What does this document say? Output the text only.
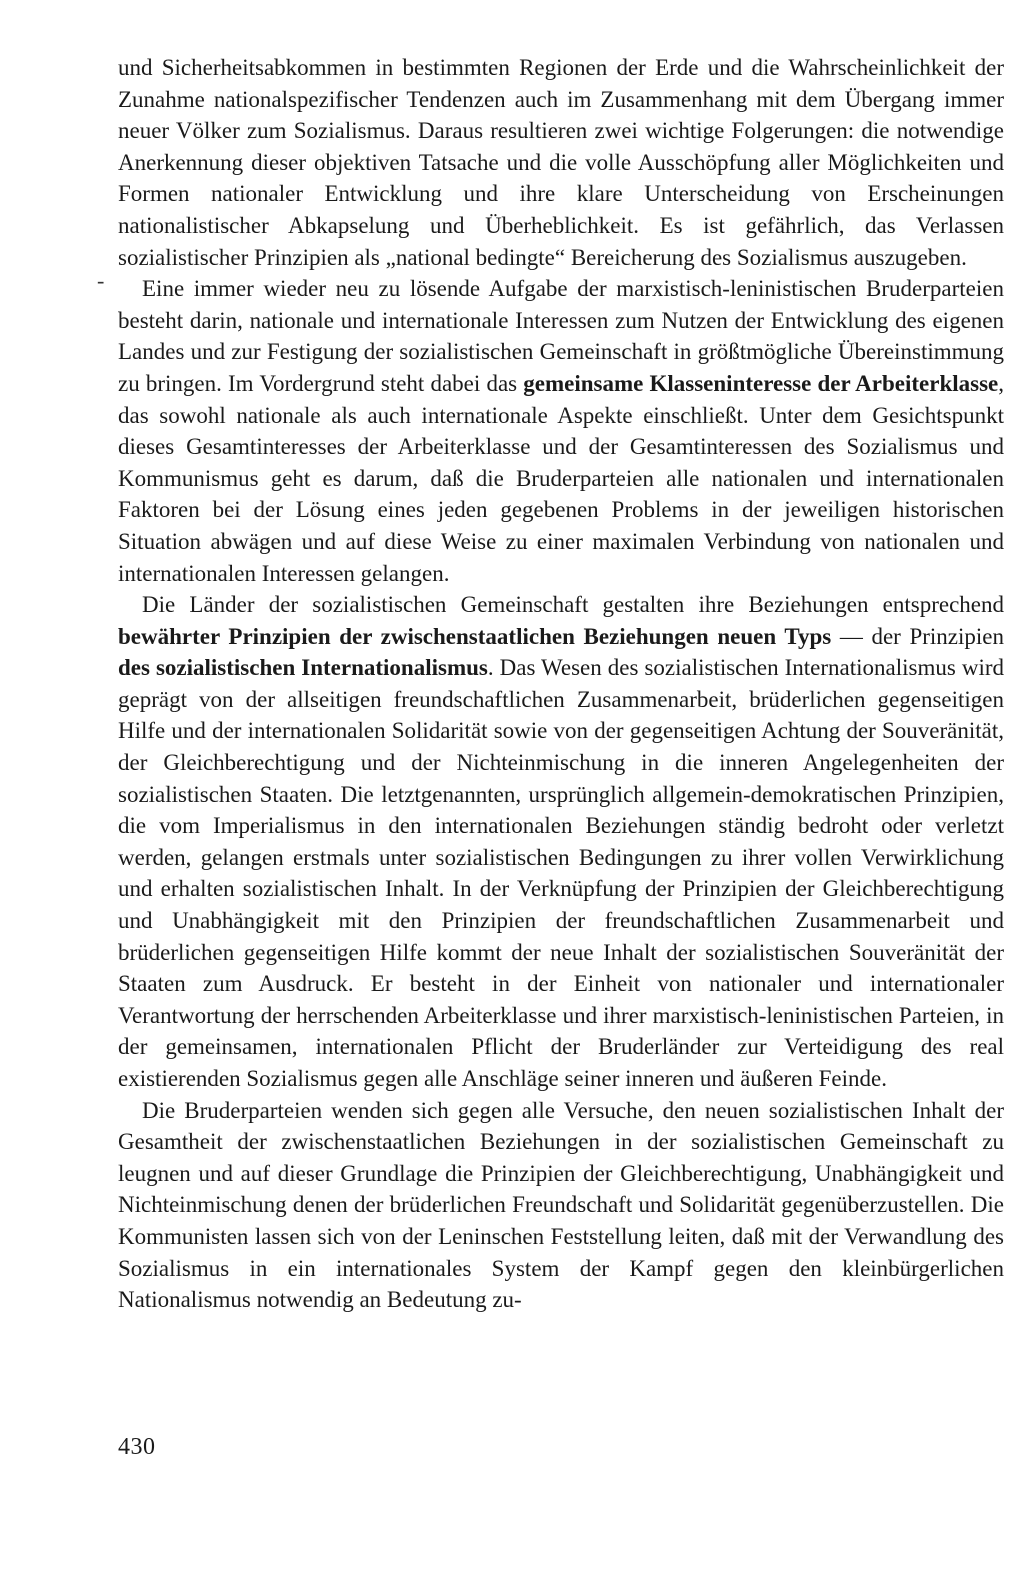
und Sicherheitsabkommen in bestimmten Regionen der Erde und die Wahrscheinlichkeit der Zunahme nationalspezifischer Tendenzen auch im Zusammenhang mit dem Übergang immer neuer Völker zum Sozialismus. Daraus resultieren zwei wichtige Folgerungen: die notwendige Anerkennung dieser objektiven Tatsache und die volle Ausschöpfung aller Möglichkeiten und Formen nationaler Entwicklung und ihre klare Unterscheidung von Erscheinungen nationalistischer Abkapselung und Überheblichkeit. Es ist gefährlich, das Verlassen sozialistischer Prinzipien als „national bedingte“ Bereicherung des Sozialismus auszugeben.

Eine immer wieder neu zu lösende Aufgabe der marxistisch-leninistischen Bruderparteien besteht darin, nationale und internationale Interessen zum Nutzen der Entwicklung des eigenen Landes und zur Festigung der sozialistischen Gemeinschaft in größtmögliche Übereinstimmung zu bringen. Im Vordergrund steht dabei das gemeinsame Klasseninteresse der Arbeiterklasse, das sowohl nationale als auch internationale Aspekte einschließt. Unter dem Gesichtspunkt dieses Gesamtinteresses der Arbeiterklasse und der Gesamtinteressen des Sozialismus und Kommunismus geht es darum, daß die Bruderparteien alle nationalen und internationalen Faktoren bei der Lösung eines jeden gegebenen Problems in der jeweiligen historischen Situation abwägen und auf diese Weise zu einer maximalen Verbindung von nationalen und internationalen Interessen gelangen.

Die Länder der sozialistischen Gemeinschaft gestalten ihre Beziehungen entsprechend bewährter Prinzipien der zwischenstaatlichen Beziehungen neuen Typs — der Prinzipien des sozialistischen Internationalismus. Das Wesen des sozialistischen Internationalismus wird geprägt von der allseitigen freundschaftlichen Zusammenarbeit, brüderlichen gegenseitigen Hilfe und der internationalen Solidarität sowie von der gegenseitigen Achtung der Souveränität, der Gleichberechtigung und der Nichteinmischung in die inneren Angelegenheiten der sozialistischen Staaten. Die letztgenannten, ursprünglich allgemein-demokratischen Prinzipien, die vom Imperialismus in den internationalen Beziehungen ständig bedroht oder verletzt werden, gelangen erstmals unter sozialistischen Bedingungen zu ihrer vollen Verwirklichung und erhalten sozialistischen Inhalt. In der Verknüpfung der Prinzipien der Gleichberechtigung und Unabhängigkeit mit den Prinzipien der freundschaftlichen Zusammenarbeit und brüderlichen gegenseitigen Hilfe kommt der neue Inhalt der sozialistischen Souveränität der Staaten zum Ausdruck. Er besteht in der Einheit von nationaler und internationaler Verantwortung der herrschenden Arbeiterklasse und ihrer marxistisch-leninistischen Parteien, in der gemeinsamen, internationalen Pflicht der Bruderländer zur Verteidigung des real existierenden Sozialismus gegen alle Anschläge seiner inneren und äußeren Feinde.

Die Bruderparteien wenden sich gegen alle Versuche, den neuen sozialistischen Inhalt der Gesamtheit der zwischenstaatlichen Beziehungen in der sozialistischen Gemeinschaft zu leugnen und auf dieser Grundlage die Prinzipien der Gleichberechtigung, Unabhängigkeit und Nichteinmischung denen der brüderlichen Freundschaft und Solidarität gegenüberzustellen. Die Kommunisten lassen sich von der Leninschen Feststellung leiten, daß mit der Verwandlung des Sozialismus in ein internationales System der Kampf gegen den kleinbürgerlichen Nationalismus notwendig an Bedeutung zu-

-
430
